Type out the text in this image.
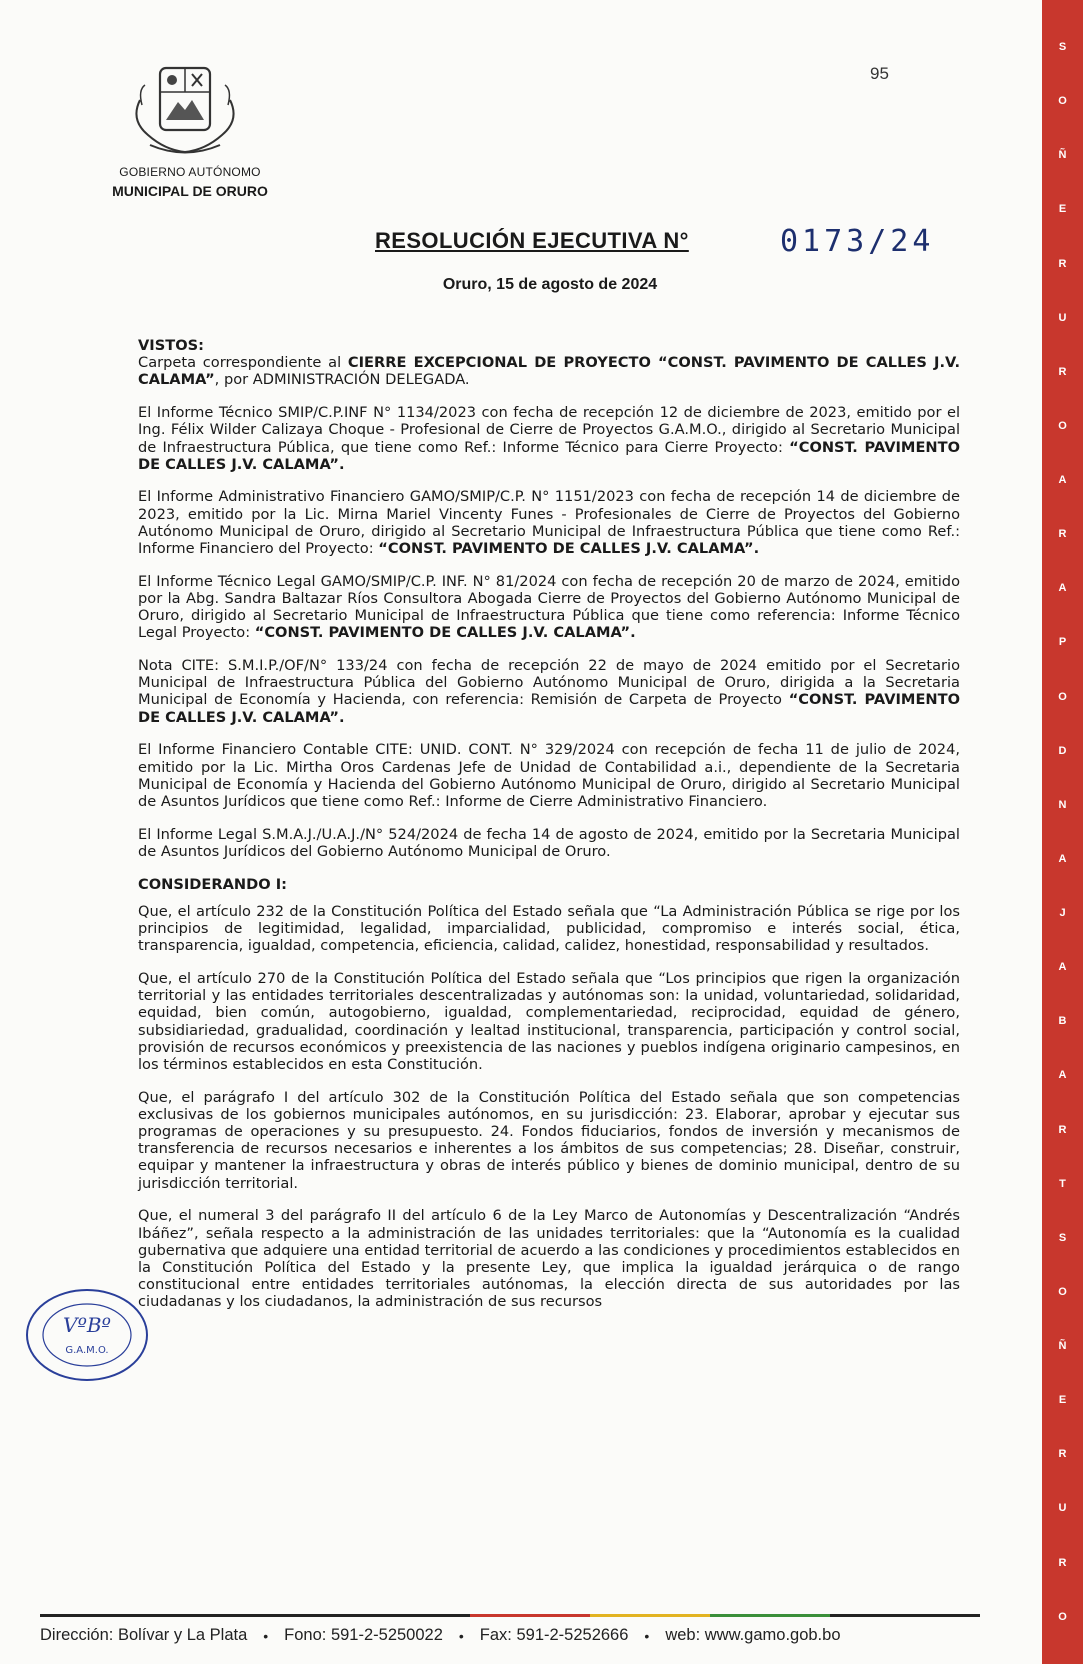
95
GOBIERNO AUTÓNOMO
MUNICIPAL DE ORURO
RESOLUCIÓN EJECUTIVA N°	0173/24
Oruro, 15 de agosto de 2024

VISTOS:
Carpeta correspondiente al CIERRE EXCEPCIONAL DE PROYECTO “CONST. PAVIMENTO DE CALLES J.V. CALAMA”, por ADMINISTRACIÓN DELEGADA.

El Informe Técnico SMIP/C.P.INF N° 1134/2023 con fecha de recepción 12 de diciembre de 2023, emitido por el Ing. Félix Wilder Calizaya Choque - Profesional de Cierre de Proyectos G.A.M.O., dirigido al Secretario Municipal de Infraestructura Pública, que tiene como Ref.: Informe Técnico para Cierre Proyecto: “CONST. PAVIMENTO DE CALLES J.V. CALAMA”.

El Informe Administrativo Financiero GAMO/SMIP/C.P. N° 1151/2023 con fecha de recepción 14 de diciembre de 2023, emitido por la Lic. Mirna Mariel Vincenty Funes - Profesionales de Cierre de Proyectos del Gobierno Autónomo Municipal de Oruro, dirigido al Secretario Municipal de Infraestructura Pública que tiene como Ref.: Informe Financiero del Proyecto: “CONST. PAVIMENTO DE CALLES J.V. CALAMA”.

El Informe Técnico Legal GAMO/SMIP/C.P. INF. N° 81/2024 con fecha de recepción 20 de marzo de 2024, emitido por la Abg. Sandra Baltazar Ríos Consultora Abogada Cierre de Proyectos del Gobierno Autónomo Municipal de Oruro, dirigido al Secretario Municipal de Infraestructura Pública que tiene como referencia: Informe Técnico Legal Proyecto: “CONST. PAVIMENTO DE CALLES J.V. CALAMA”.

Nota CITE: S.M.I.P./OF/N° 133/24 con fecha de recepción 22 de mayo de 2024 emitido por el Secretario Municipal de Infraestructura Pública del Gobierno Autónomo Municipal de Oruro, dirigida a la Secretaria Municipal de Economía y Hacienda, con referencia: Remisión de Carpeta de Proyecto “CONST. PAVIMENTO DE CALLES J.V. CALAMA”.

El Informe Financiero Contable CITE: UNID. CONT. N° 329/2024 con recepción de fecha 11 de julio de 2024, emitido por la Lic. Mirtha Oros Cardenas Jefe de Unidad de Contabilidad a.i., dependiente de la Secretaria Municipal de Economía y Hacienda del Gobierno Autónomo Municipal de Oruro, dirigido al Secretario Municipal de Asuntos Jurídicos que tiene como Ref.: Informe de Cierre Administrativo Financiero.

El Informe Legal S.M.A.J./U.A.J./N° 524/2024 de fecha 14 de agosto de 2024, emitido por la Secretaria Municipal de Asuntos Jurídicos del Gobierno Autónomo Municipal de Oruro.

CONSIDERANDO I:

Que, el artículo 232 de la Constitución Política del Estado señala que “La Administración Pública se rige por los principios de legitimidad, legalidad, imparcialidad, publicidad, compromiso e interés social, ética, transparencia, igualdad, competencia, eficiencia, calidad, calidez, honestidad, responsabilidad y resultados.

Que, el artículo 270 de la Constitución Política del Estado señala que “Los principios que rigen la organización territorial y las entidades territoriales descentralizadas y autónomas son: la unidad, voluntariedad, solidaridad, equidad, bien común, autogobierno, igualdad, complementariedad, reciprocidad, equidad de género, subsidiariedad, gradualidad, coordinación y lealtad institucional, transparencia, participación y control social, provisión de recursos económicos y preexistencia de las naciones y pueblos indígena originario campesinos, en los términos establecidos en esta Constitución.

Que, el parágrafo I del artículo 302 de la Constitución Política del Estado señala que son competencias exclusivas de los gobiernos municipales autónomos, en su jurisdicción: 23. Elaborar, aprobar y ejecutar sus programas de operaciones y su presupuesto. 24. Fondos fiduciarios, fondos de inversión y mecanismos de transferencia de recursos necesarios e inherentes a los ámbitos de sus competencias; 28. Diseñar, construir, equipar y mantener la infraestructura y obras de interés público y bienes de dominio municipal, dentro de su jurisdicción territorial.

Que, el numeral 3 del parágrafo II del artículo 6 de la Ley Marco de Autonomías y Descentralización “Andrés Ibáñez”, señala respecto a la administración de las unidades territoriales: que la “Autonomía es la cualidad gubernativa que adquiere una entidad territorial de acuerdo a las condiciones y procedimientos establecidos en la Constitución Política del Estado y la presente Ley, que implica la igualdad jerárquica o de rango constitucional entre entidades territoriales autónomas, la elección directa de sus autoridades por las ciudadanas y los ciudadanos, la administración de sus recursos

VºBº
G.A.M.O.
S
O
Ñ
E
R
U
R
O
A
R
A
P
O
D
N
A
J
A
B
A
R
T
S
O
Ñ
E
R
U
R
O
Dirección: Bolívar y La Plata • Fono: 591-2-5250022 • Fax: 591-2-5252666 • web: www.gamo.gob.bo
